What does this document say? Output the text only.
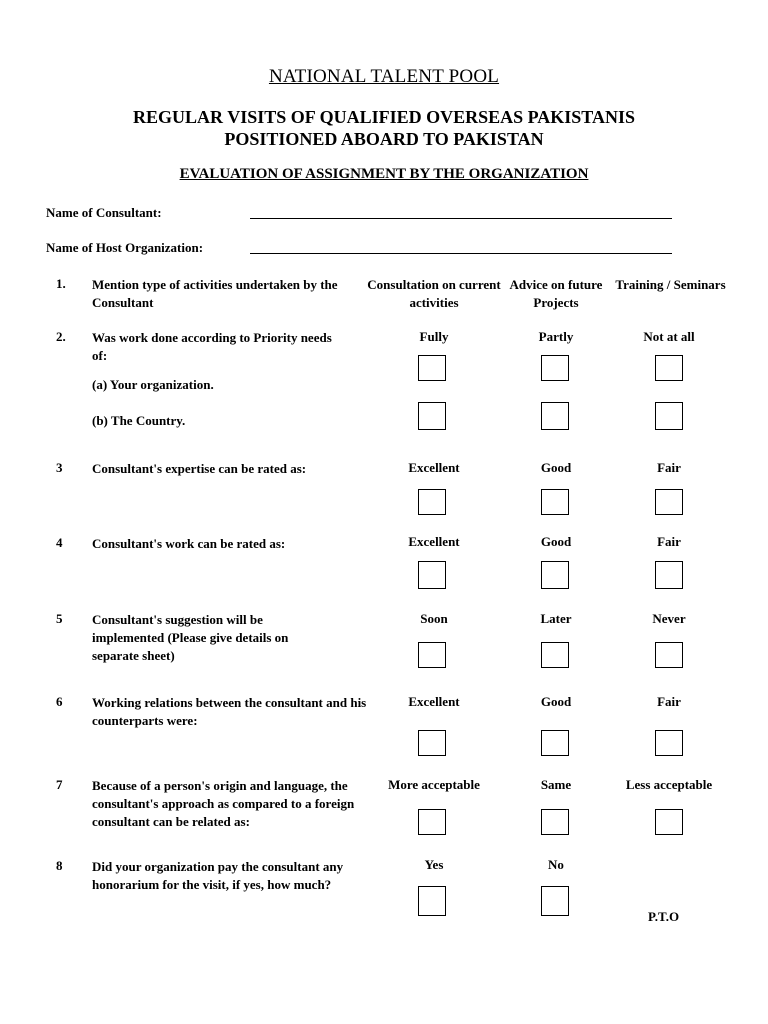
NATIONAL TALENT POOL
REGULAR VISITS OF QUALIFIED OVERSEAS PAKISTANIS
POSITIONED ABOARD TO PAKISTAN
EVALUATION OF ASSIGNMENT BY THE ORGANIZATION
Name of Consultant:
Name of Host Organization:
1. Mention type of activities undertaken by the Consultant
Consultation on current activities
Advice on future Projects
Training / Seminars
2. Was work done according to Priority needs of:
Fully	Partly	Not at all
(a) Your organization.
(b) The Country.
3 Consultant's expertise can be rated as:	Excellent	Good	Fair
4 Consultant's work can be rated as:	Excellent	Good	Fair
5 Consultant's suggestion will be implemented (Please give details on separate sheet)
Soon	Later	Never
6 Working relations between the consultant and his counterparts were:
Excellent	Good	Fair
7 Because of a person's origin and language, the consultant's approach as compared to a foreign consultant can be related as:
More acceptable	Same	Less acceptable
8 Did your organization pay the consultant any honorarium for the visit, if yes, how much?
Yes	No
P.T.O
